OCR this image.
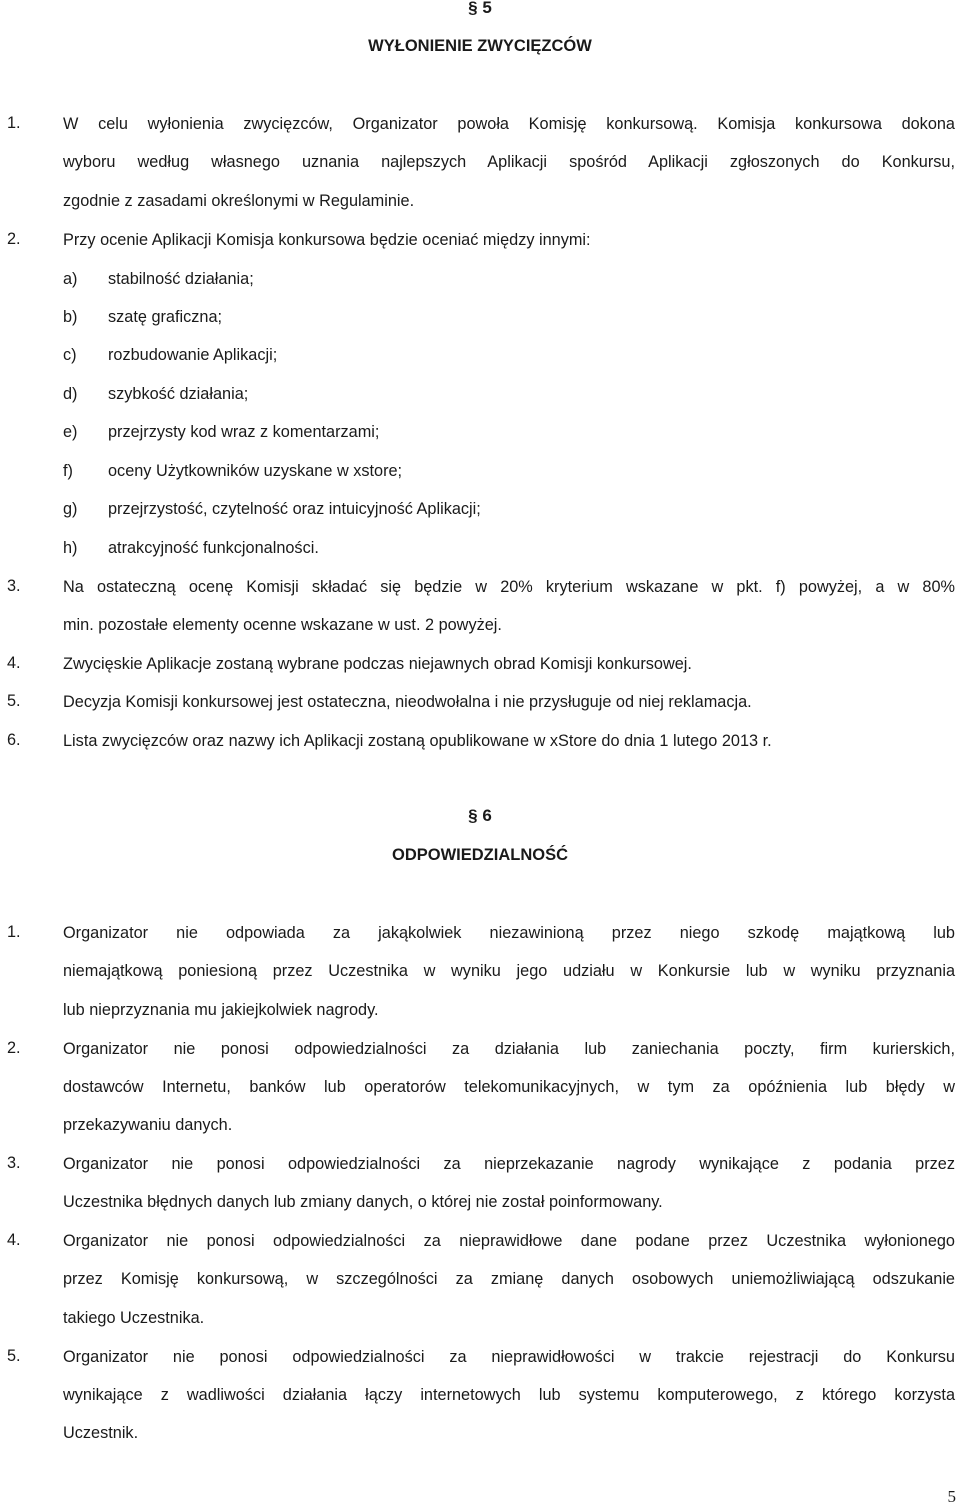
§ 5
WYŁONIENIE ZWYCIĘZCÓW
1.	W celu wyłonienia zwycięzców, Organizator powoła Komisję konkursową. Komisja konkursowa dokona
wyboru według własnego uznania najlepszych Aplikacji spośród Aplikacji zgłoszonych do Konkursu,
zgodnie z zasadami określonymi w Regulaminie.
2.	Przy ocenie Aplikacji Komisja konkursowa będzie oceniać między innymi:
a) stabilność działania;
b) szatę graficzna;
c) rozbudowanie Aplikacji;
d) szybkość działania;
e) przejrzysty kod wraz z komentarzami;
f) oceny Użytkowników uzyskane w xstore;
g) przejrzystość, czytelność oraz intuicyjność Aplikacji;
h) atrakcyjność funkcjonalności.
3.	Na ostateczną ocenę Komisji składać się będzie w 20% kryterium wskazane w pkt. f) powyżej, a w 80%
min. pozostałe elementy ocenne wskazane w ust. 2 powyżej.
4.	Zwycięskie Aplikacje zostaną wybrane podczas niejawnych obrad Komisji konkursowej.
5.	Decyzja Komisji konkursowej jest ostateczna, nieodwołalna i nie przysługuje od niej reklamacja.
6.	Lista zwycięzców oraz nazwy ich Aplikacji zostaną opublikowane w xStore do dnia 1 lutego 2013 r.
§ 6
ODPOWIEDZIALNOŚĆ
1.	Organizator nie odpowiada za jakąkolwiek niezawinioną przez niego szkodę majątkową lub
niemajątkową poniesioną przez Uczestnika w wyniku jego udziału w Konkursie lub w wyniku przyznania
lub nieprzyznania mu jakiejkolwiek nagrody.
2.	Organizator nie ponosi odpowiedzialności za działania lub zaniechania poczty, firm kurierskich,
dostawców Internetu, banków lub operatorów telekomunikacyjnych, w tym za opóźnienia lub błędy w
przekazywaniu danych.
3.	Organizator nie ponosi odpowiedzialności za nieprzekazanie nagrody wynikające z podania przez
Uczestnika błędnych danych lub zmiany danych, o której nie został poinformowany.
4.	Organizator nie ponosi odpowiedzialności za nieprawidłowe dane podane przez Uczestnika wyłonionego
przez Komisję konkursową, w szczególności za zmianę danych osobowych uniemożliwiającą odszukanie
takiego Uczestnika.
5.	Organizator nie ponosi odpowiedzialności za nieprawidłowości w trakcie rejestracji do Konkursu
wynikające z wadliwości działania łączy internetowych lub systemu komputerowego, z którego korzysta
Uczestnik.
5
